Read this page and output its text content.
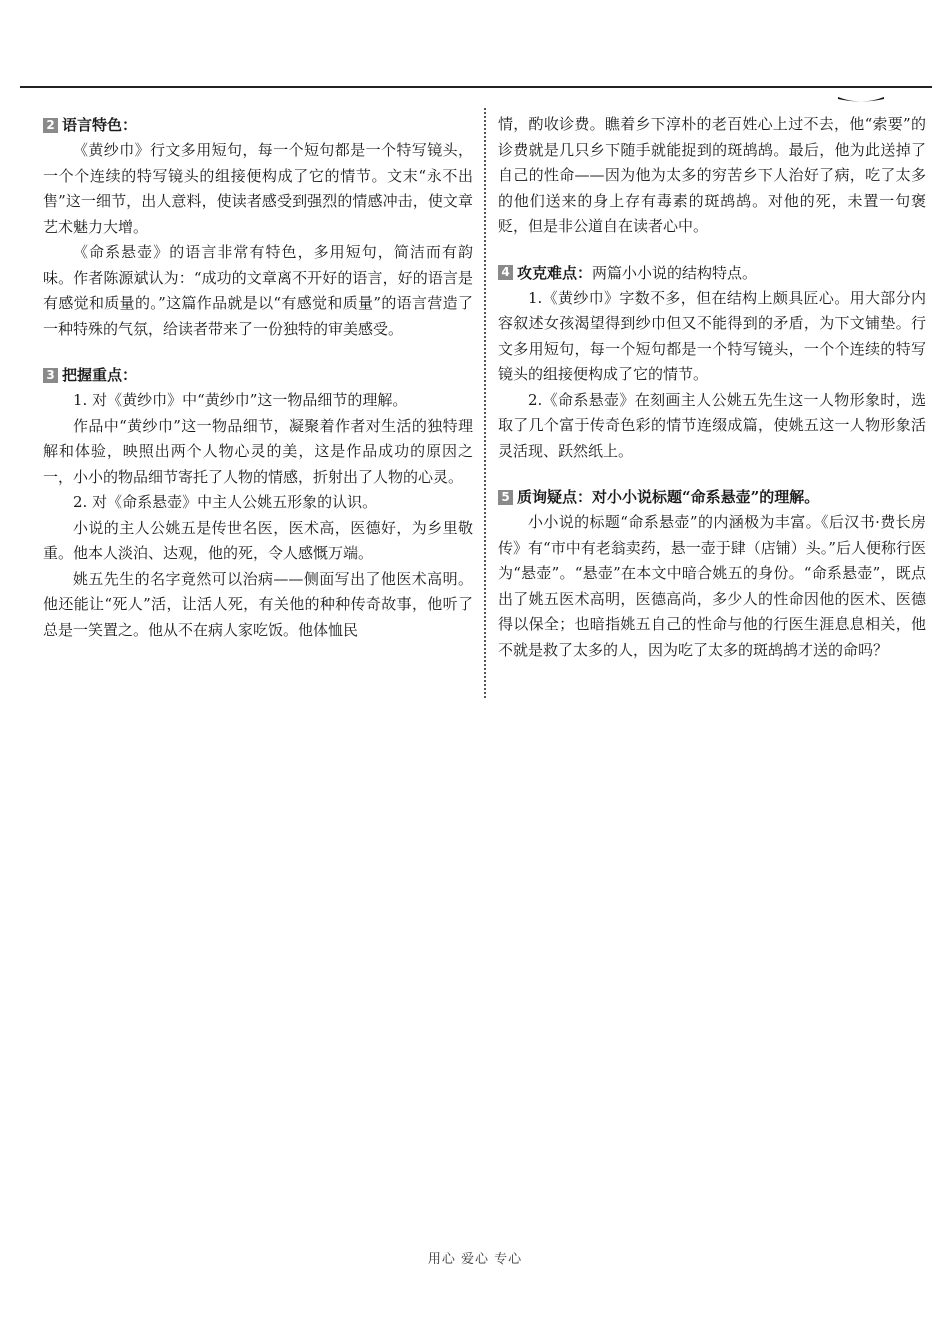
2 语言特色：

《黄纱巾》行文多用短句，每一个短句都是一个特写镜头，一个个连续的特写镜头的组接便构成了它的情节。文末“永不出售”这一细节，出人意料，使读者感受到强烈的情感冲击，使文章艺术魅力大增。

《命系悬壶》的语言非常有特色，多用短句，简洁而有韵味。作者陈源斌认为：“成功的文章离不开好的语言，好的语言是有感觉和质量的。”这篇作品就是以“有感觉和质量”的语言营造了一种特殊的气氛，给读者带来了一份独特的审美感受。

3 把握重点：

1. 对《黄纱巾》中“黄纱巾”这一物品细节的理解。

作品中“黄纱巾”这一物品细节，凝聚着作者对生活的独特理解和体验，映照出两个人物心灵的美，这是作品成功的原因之一，小小的物品细节寄托了人物的情感，折射出了人物的心灵。

2. 对《命系悬壶》中主人公姚五形象的认识。

小说的主人公姚五是传世名医，医术高，医德好，为乡里敬重。他本人淡泊、达观，他的死，令人感慨万端。

姚五先生的名字竟然可以治病——侧面写出了他医术高明。他还能让“死人”活，让活人死，有关他的种种传奇故事，他听了总是一笑置之。他从不在病人家吃饭。他体恤民

情，酌收诊费。瞧着乡下淳朴的老百姓心上过不去，他“索要”的诊费就是几只乡下随手就能捉到的斑鸪鸪。最后，他为此送掉了自己的性命——因为他为太多的穷苦乡下人治好了病，吃了太多的他们送来的身上存有毒素的斑鸪鸪。对他的死，未置一句褒贬，但是非公道自在读者心中。

4 攻克难点： 两篇小小说的结构特点。

1.《黄纱巾》字数不多，但在结构上颇具匠心。用大部分内容叙述女孩渴望得到纱巾但又不能得到的矛盾，为下文铺垫。行文多用短句，每一个短句都是一个特写镜头，一个个连续的特写镜头的组接便构成了它的情节。

2.《命系悬壶》在刻画主人公姚五先生这一人物形象时，选取了几个富于传奇色彩的情节连缀成篇，使姚五这一人物形象活灵活现、跃然纸上。

5 质询疑点：对小小说标题“命系悬壶”的理解。

小小说的标题“命系悬壶”的内涵极为丰富。《后汉书·费长房传》有“市中有老翁卖药，悬一壶于肆（店铺）头。”后人便称行医为“悬壶”。“悬壶”在本文中暗合姚五的身份。“命系悬壶”，既点出了姚五医术高明，医德高尚，多少人的性命因他的医术、医德得以保全；也暗指姚五自己的性命与他的行医生涯息息相关，他不就是救了太多的人，因为吃了太多的斑鸪鸪才送的命吗？

用心 爱心 专心
